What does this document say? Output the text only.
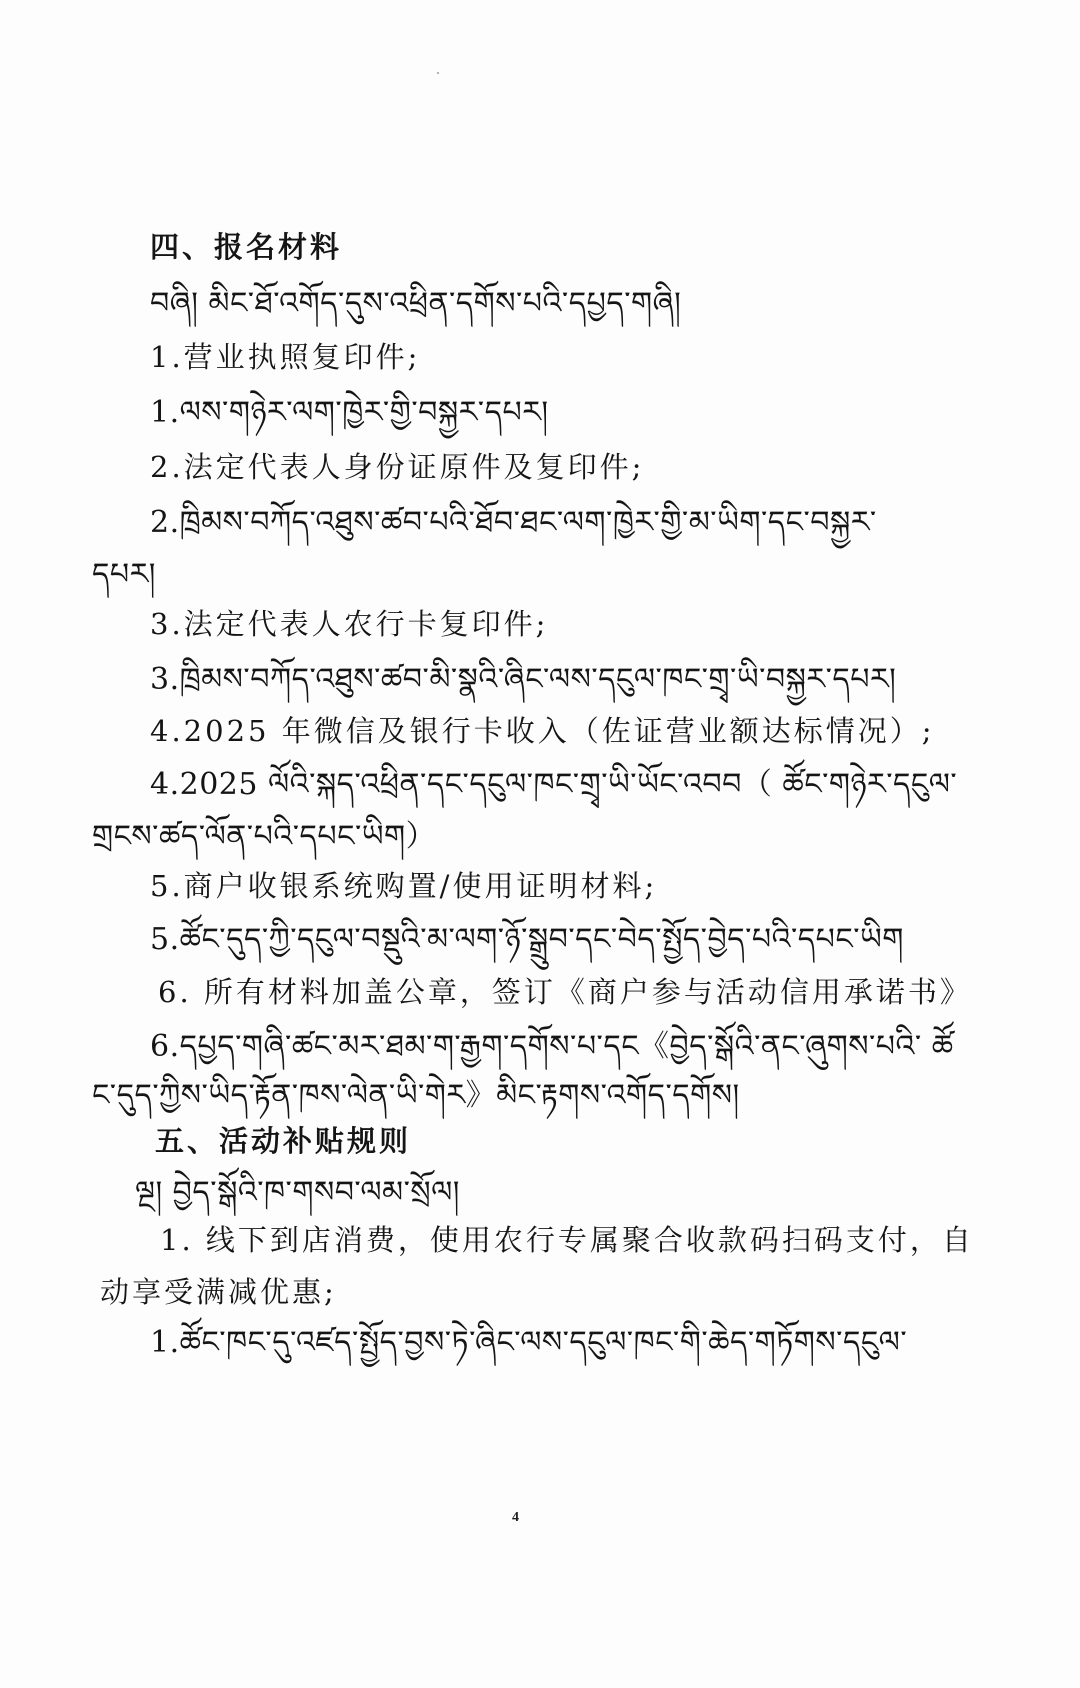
四、报名材料
བཞི། མིང་ཐོ་འགོད་དུས་འཕྲིན་དགོས་པའི་དཔྱད་གཞི།
1.营业执照复印件;
1.ལས་གཉེར་ལག་ཁྱེར་གྱི་བསྐྱར་དཔར།
2.法定代表人身份证原件及复印件;
2.ཁྲིམས་བཀོད་འཐུས་ཚབ་པའི་ཐོབ་ཐང་ལག་ཁྱེར་གྱི་མ་ཡིག་དང་བསྐྱར་
དཔར།
3.法定代表人农行卡复印件;
3.ཁྲིམས་བཀོད་འཐུས་ཚབ་མི་སྣའི་ཞིང་ལས་དངུལ་ཁང་གྲྭ་ཡི་བསྐྱར་དཔར།
4.2025 年微信及银行卡收入（佐证营业额达标情况）;
4.2025 ལོའི་སྐད་འཕྲིན་དང་དངུལ་ཁང་གྲྭ་ཡི་ཡོང་འབབ（ ཚོང་གཉེར་དངུལ་
གྲངས་ཚད་ལོན་པའི་དཔང་ཡིག）
5.商户收银系统购置/使用证明材料;
5.ཚོང་དུད་ཀྱི་དངུལ་བསྡུའི་མ་ལག་ཉོ་སྒྲུབ་དང་བེད་སྤྱོད་བྱེད་པའི་དཔང་ཡིག
6. 所有材料加盖公章，签订《商户参与活动信用承诺书》
6.དཔྱད་གཞི་ཚང་མར་ཐམ་ག་རྒྱག་དགོས་པ་དང《བྱེད་སྒོའི་ནང་ཞུགས་པའི་ ཚོ
ང་དུད་ཀྱིས་ཡིད་རྟོན་ཁས་ལེན་ཡི་གེར》མིང་རྟགས་འགོད་དགོས།
五、活动补贴规则
ལྔ། བྱེད་སྒོའི་ཁ་གསབ་ལམ་སྲོལ།
1. 线下到店消费，使用农行专属聚合收款码扫码支付，自
动享受满减优惠;
1.ཚོང་ཁང་དུ་འཛད་སྤྱོད་བྱས་ཏེ་ཞིང་ལས་དངུལ་ཁང་གི་ཆེད་གཏོགས་དངུལ་
4
